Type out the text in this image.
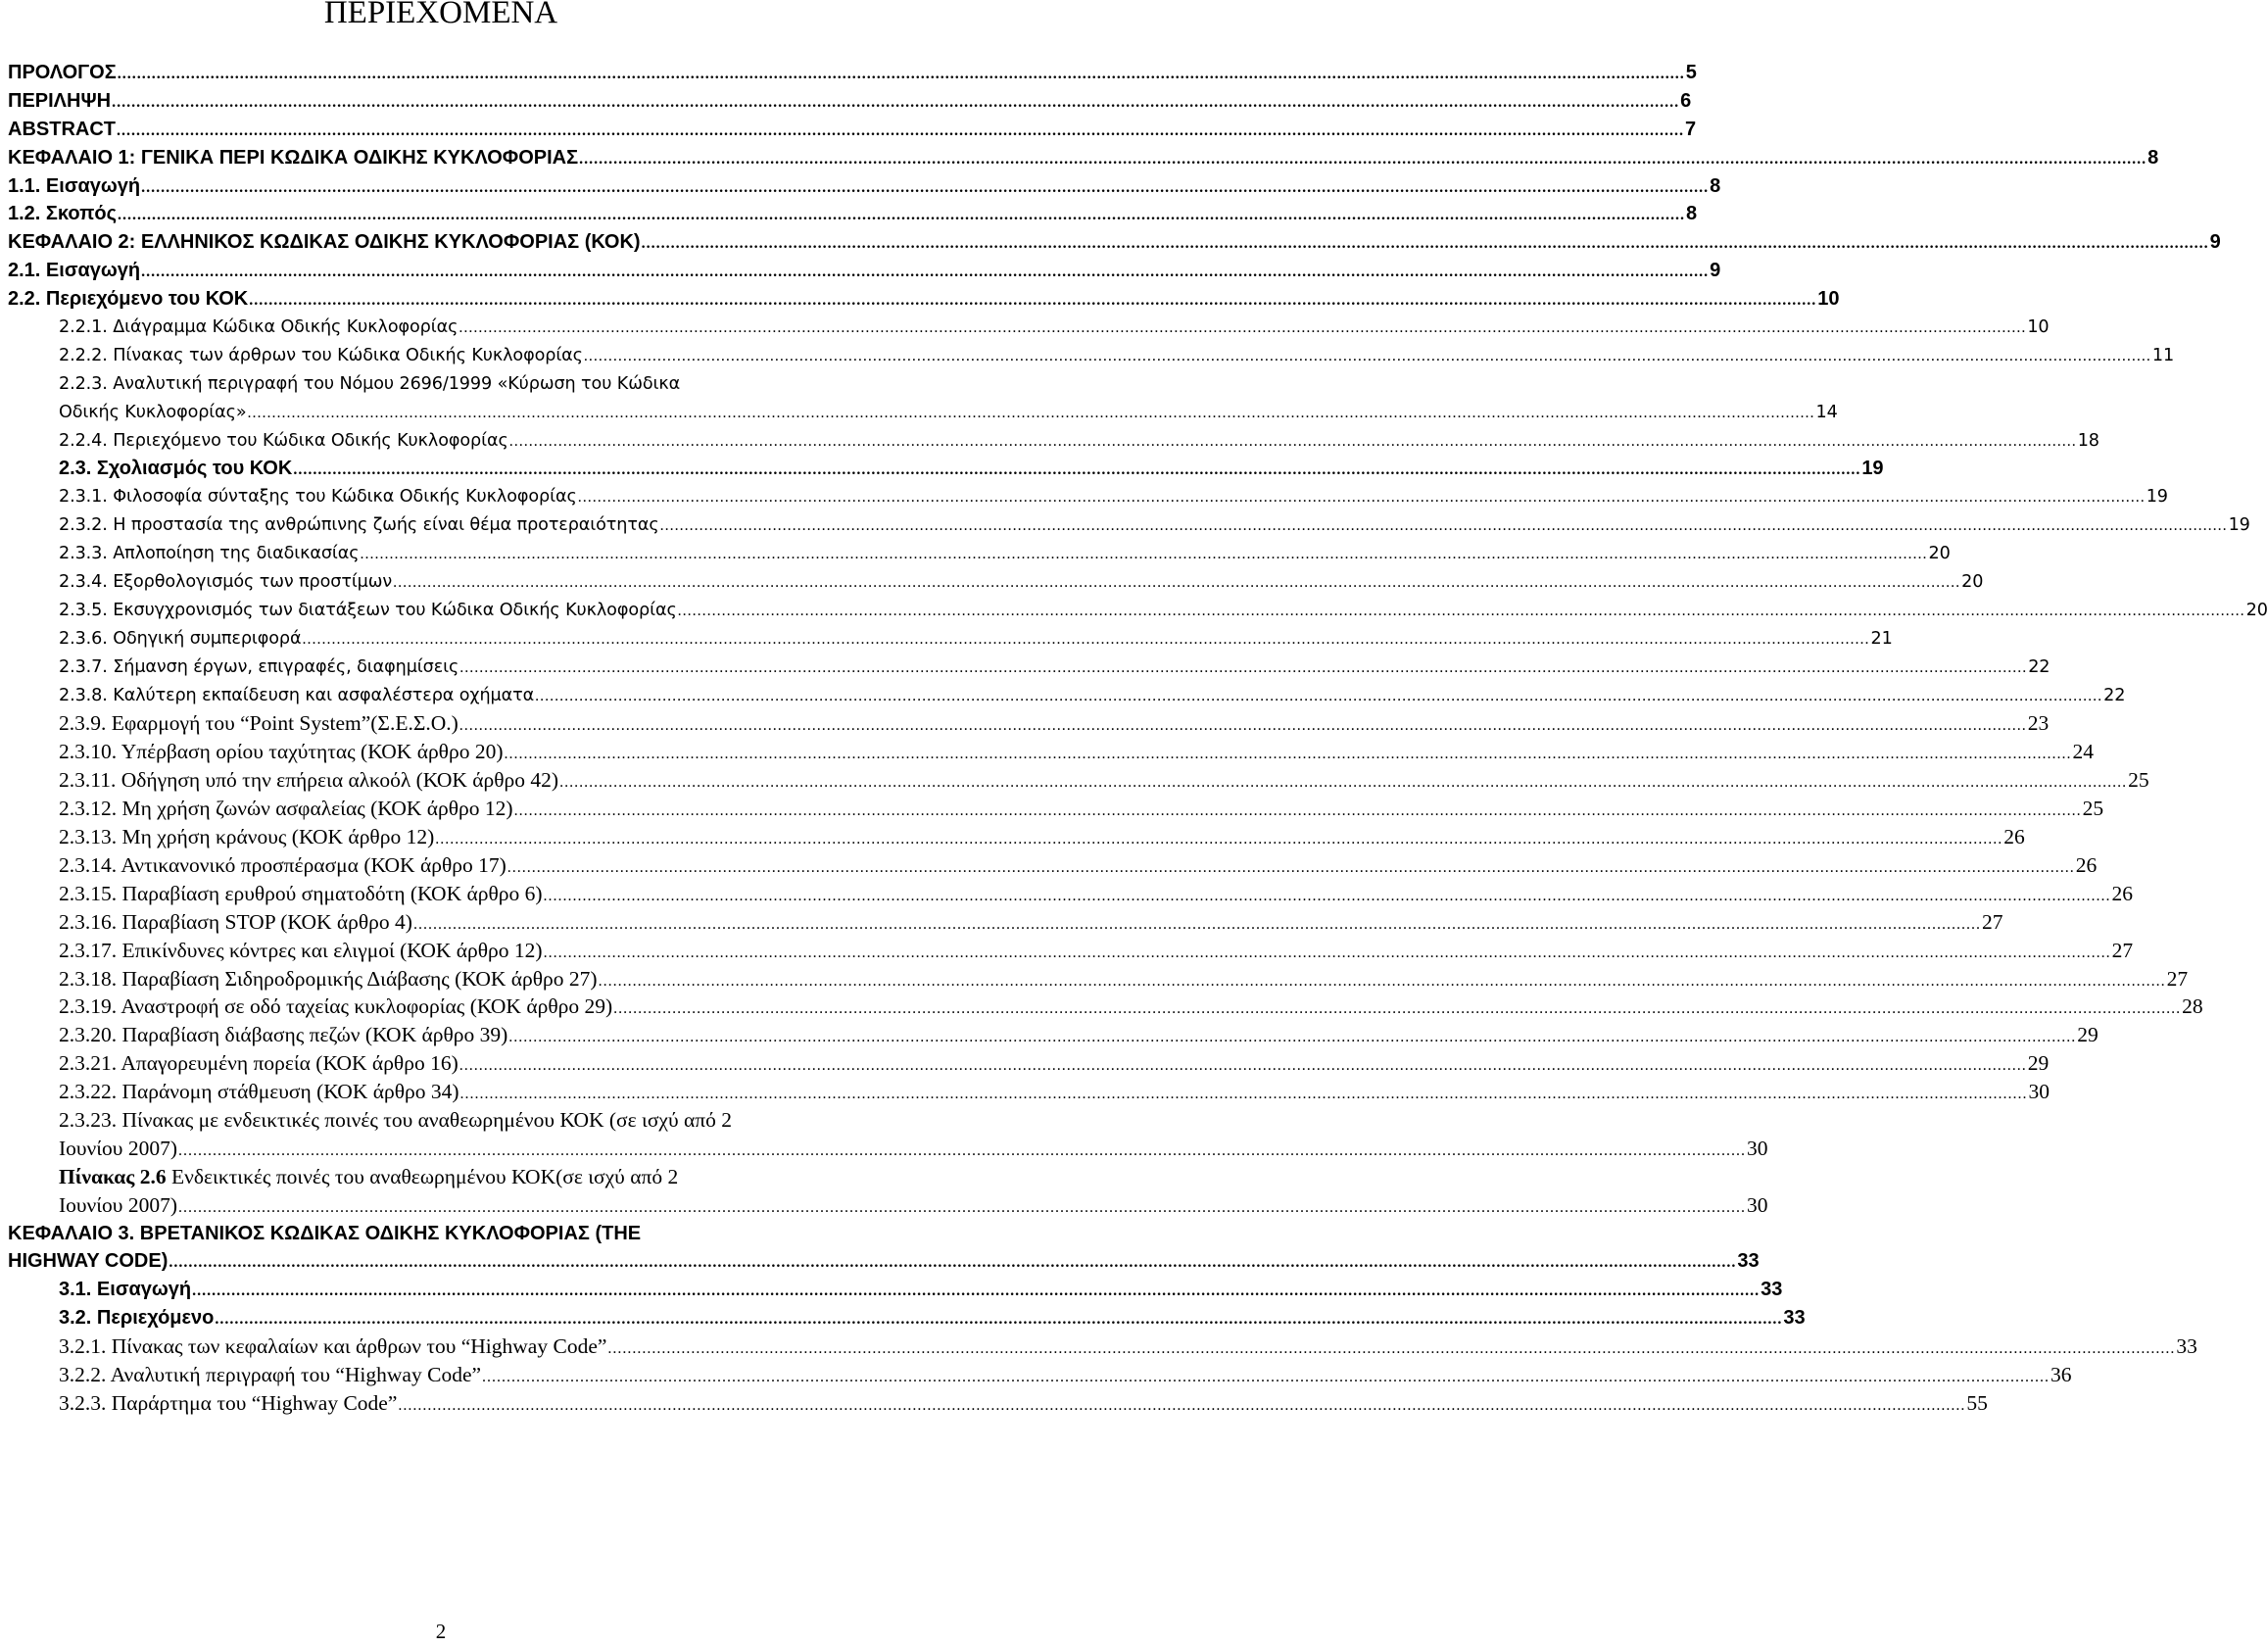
ΠΕΡΙΕΧΟΜΕΝΑ
ΠΡΟΛΟΓΟΣ .....	5
ΠΕΡΙΛΗΨΗ .....	6
ABSTRACT .....	7
ΚΕΦΑΛΑΙΟ 1: ΓΕΝΙΚΑ ΠΕΡΙ ΚΩΔΙΚΑ ΟΔΙΚΗΣ ΚΥΚΛΟΦΟΡΙΑΣ .....	8
1.1. Εισαγωγή .....	8
1.2. Σκοπός .....	8
ΚΕΦΑΛΑΙΟ 2: ΕΛΛΗΝΙΚΟΣ ΚΩΔΙΚΑΣ ΟΔΙΚΗΣ ΚΥΚΛΟΦΟΡΙΑΣ (ΚΟΚ) .....	9
2.1. Εισαγωγή .....	9
2.2. Περιεχόμενο του ΚΟΚ .....	10
2.2.1. Διάγραμμα Κώδικα Οδικής Κυκλοφορίας .....	10
2.2.2. Πίνακας των άρθρων του Κώδικα Οδικής Κυκλοφορίας .....	11
2.2.3. Αναλυτική περιγραφή του Νόμου 2696/1999 «Κύρωση του Κώδικα
Οδικής Κυκλοφορίας» .....	14
2.2.4. Περιεχόμενο του Κώδικα Οδικής Κυκλοφορίας .....	18
2.3. Σχολιασμός του ΚΟΚ .....	19
2.3.1. Φιλοσοφία σύνταξης του Κώδικα Οδικής Κυκλοφορίας .....	19
2.3.2. Η προστασία της ανθρώπινης ζωής είναι θέμα προτεραιότητας .....	19
2.3.3. Απλοποίηση της διαδικασίας .....	20
2.3.4. Εξορθολογισμός των προστίμων .....	20
2.3.5. Εκσυγχρονισμός των διατάξεων του Κώδικα Οδικής Κυκλοφορίας .....	20
2.3.6. Οδηγική συμπεριφορά .....	21
2.3.7. Σήμανση έργων, επιγραφές, διαφημίσεις .....	22
2.3.8. Καλύτερη εκπαίδευση και ασφαλέστερα οχήματα .....	22
2.3.9. Εφαρμογή του “Point System”(Σ.Ε.Σ.Ο.) .....	23
2.3.10. Υπέρβαση ορίου ταχύτητας (ΚΟΚ άρθρο 20) .....	24
2.3.11. Οδήγηση υπό την επήρεια αλκοόλ (ΚΟΚ άρθρο 42) .....	25
2.3.12. Μη χρήση ζωνών ασφαλείας (ΚΟΚ άρθρο 12) .....	25
2.3.13. Μη χρήση κράνους (ΚΟΚ άρθρο 12) .....	26
2.3.14. Αντικανονικό προσπέρασμα (ΚΟΚ άρθρο 17) .....	26
2.3.15. Παραβίαση ερυθρού σηματοδότη (ΚΟΚ άρθρο 6) .....	26
2.3.16. Παραβίαση STOP (ΚΟΚ άρθρο 4) .....	27
2.3.17. Επικίνδυνες κόντρες και ελιγμοί (ΚΟΚ άρθρο 12) .....	27
2.3.18. Παραβίαση Σιδηροδρομικής Διάβασης (ΚΟΚ άρθρο 27) .....	27
2.3.19. Αναστροφή σε οδό ταχείας κυκλοφορίας (ΚΟΚ άρθρο 29) .....	28
2.3.20. Παραβίαση διάβασης πεζών (ΚΟΚ άρθρο 39) .....	29
2.3.21. Απαγορευμένη πορεία (ΚΟΚ άρθρο 16) .....	29
2.3.22. Παράνομη στάθμευση (ΚΟΚ άρθρο 34) .....	30
2.3.23. Πίνακας με ενδεικτικές ποινές του αναθεωρημένου ΚΟΚ (σε ισχύ από 2
Ιουνίου 2007) .....	30
Πίνακας 2.6 Ενδεικτικές ποινές του αναθεωρημένου ΚΟΚ(σε ισχύ από 2
Ιουνίου 2007) .....	30
ΚΕΦΑΛΑΙΟ 3. ΒΡΕΤΑΝΙΚΟΣ ΚΩΔΙΚΑΣ ΟΔΙΚΗΣ ΚΥΚΛΟΦΟΡΙΑΣ (THE
HIGHWAY CODE) .....	33
3.1. Εισαγωγή .....	33
3.2. Περιεχόμενο .....	33
3.2.1. Πίνακας των κεφαλαίων και άρθρων του “Highway Code” .....	33
3.2.2. Αναλυτική περιγραφή του “Highway Code” .....	36
3.2.3. Παράρτημα του “Highway Code” .....	55
2
